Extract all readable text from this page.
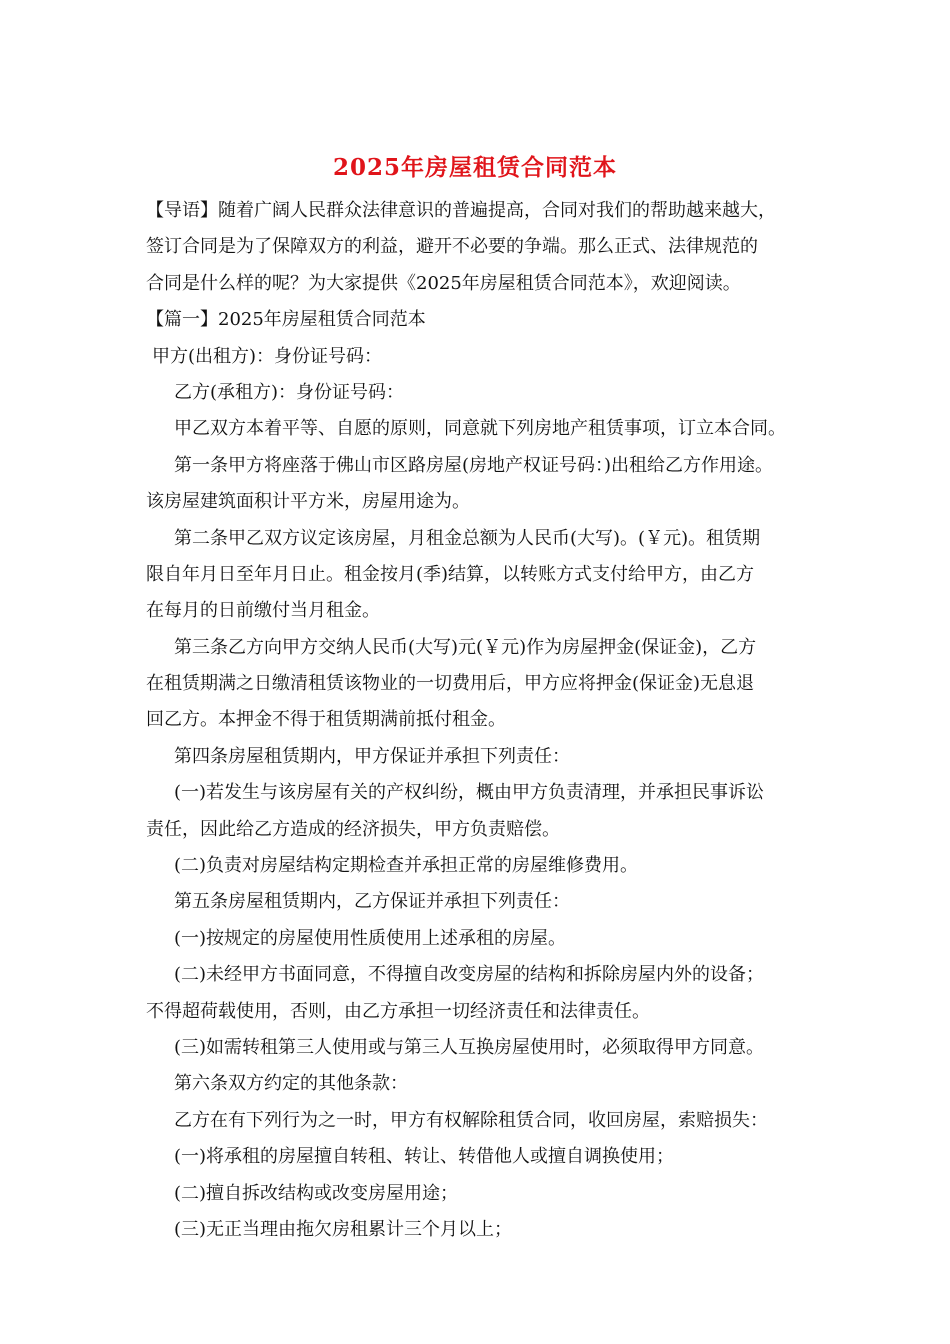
2025年房屋租赁合同范本
【导语】随着广阔人民群众法律意识的普遍提高，合同对我们的帮助越来越大，
签订合同是为了保障双方的利益，避开不必要的争端。那么正式、法律规范的
合同是什么样的呢？为大家提供《2025年房屋租赁合同范本》，欢迎阅读。
【篇一】2025年房屋租赁合同范本
甲方(出租方)：身份证号码：
乙方(承租方)：身份证号码：
甲乙双方本着平等、自愿的原则，同意就下列房地产租赁事项，订立本合同。
第一条甲方将座落于佛山市区路房屋(房地产权证号码：)出租给乙方作用途。
该房屋建筑面积计平方米，房屋用途为。
第二条甲乙双方议定该房屋，月租金总额为人民币(大写)。(￥元)。租赁期
限自年月日至年月日止。租金按月(季)结算，以转账方式支付给甲方，由乙方
在每月的日前缴付当月租金。
第三条乙方向甲方交纳人民币(大写)元(￥元)作为房屋押金(保证金)，乙方
在租赁期满之日缴清租赁该物业的一切费用后，甲方应将押金(保证金)无息退
回乙方。本押金不得于租赁期满前抵付租金。
第四条房屋租赁期内，甲方保证并承担下列责任：
(一)若发生与该房屋有关的产权纠纷，概由甲方负责清理，并承担民事诉讼
责任，因此给乙方造成的经济损失，甲方负责赔偿。
(二)负责对房屋结构定期检查并承担正常的房屋维修费用。
第五条房屋租赁期内，乙方保证并承担下列责任：
(一)按规定的房屋使用性质使用上述承租的房屋。
(二)未经甲方书面同意，不得擅自改变房屋的结构和拆除房屋内外的设备；
不得超荷载使用，否则，由乙方承担一切经济责任和法律责任。
(三)如需转租第三人使用或与第三人互换房屋使用时，必须取得甲方同意。
第六条双方约定的其他条款：
乙方在有下列行为之一时，甲方有权解除租赁合同，收回房屋，索赔损失：
(一)将承租的房屋擅自转租、转让、转借他人或擅自调换使用；
(二)擅自拆改结构或改变房屋用途；
(三)无正当理由拖欠房租累计三个月以上；
